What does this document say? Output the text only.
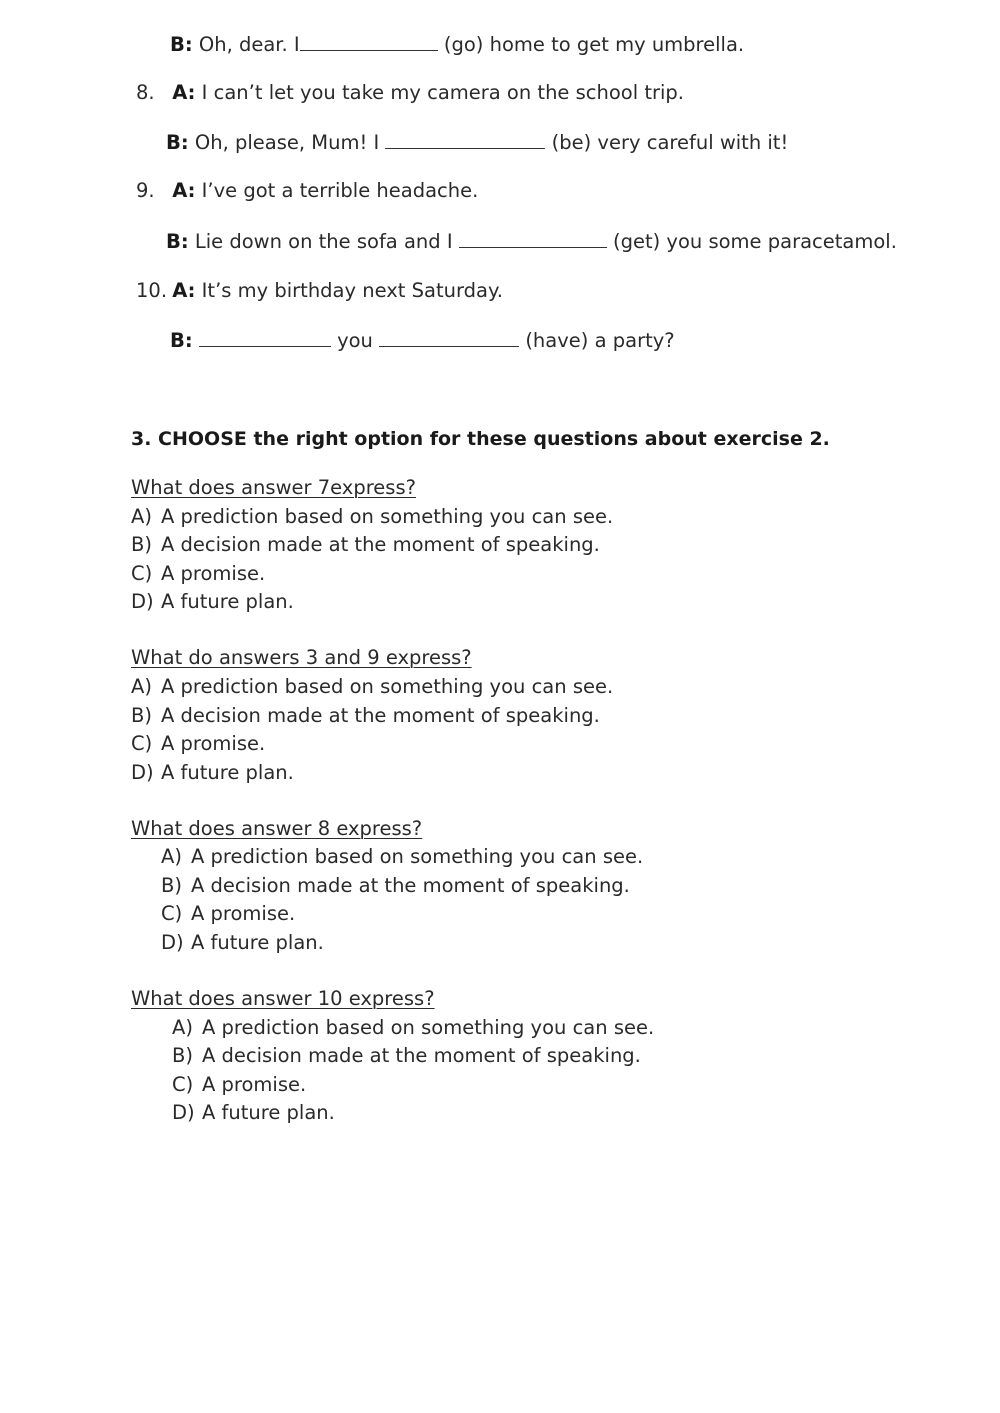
B: Oh, dear. I	(go) home to get my umbrella.
8. A: I can’t let you take my camera on the school trip.
B: Oh, please, Mum! I	(be) very careful with it!
9. A: I’ve got a terrible headache.
B: Lie down on the sofa and I	(get) you some paracetamol.
10. A: It’s my birthday next Saturday.
B:	you	(have) a party?
3. CHOOSE the right option for these questions about exercise 2.
What does answer 7express?
A) A prediction based on something you can see.
B) A decision made at the moment of speaking.
C) A promise.
D) A future plan.
What do answers 3 and 9 express?
A) A prediction based on something you can see.
B) A decision made at the moment of speaking.
C) A promise.
D) A future plan.
What does answer 8 express?
A) A prediction based on something you can see.
B) A decision made at the moment of speaking.
C) A promise.
D) A future plan.
What does answer 10 express?
A) A prediction based on something you can see.
B) A decision made at the moment of speaking.
C) A promise.
D) A future plan.
